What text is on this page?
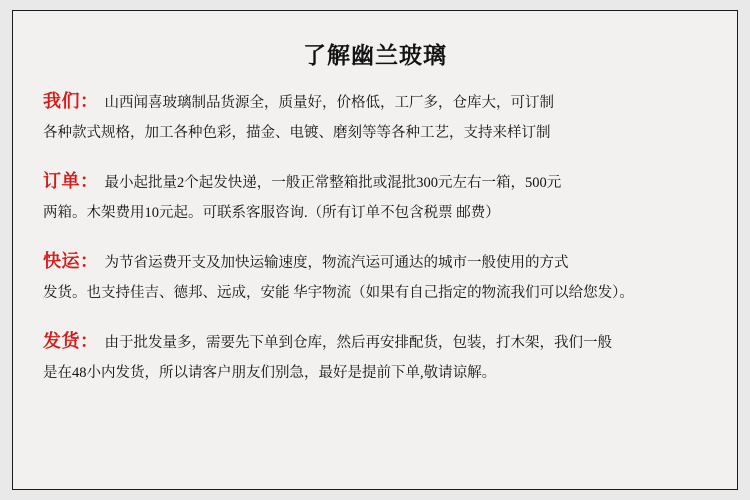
了解幽兰玻璃
我们： 山西闻喜玻璃制品货源全，质量好，价格低，工厂多，仓库大，可订制
各种款式规格，加工各种色彩，描金、电镀、磨刻等等各种工艺，支持来样订制
订单： 最小起批量2个起发快递，一般正常整箱批或混批300元左右一箱，500元
两箱。木架费用10元起。可联系客服咨询.（所有订单不包含税票 邮费）
快运： 为节省运费开支及加快运输速度，物流汽运可通达的城市一般使用的方式
发货。也支持佳吉、德邦、远成，安能 华宇物流（如果有自己指定的物流我们可以给您发）。
发货： 由于批发量多，需要先下单到仓库，然后再安排配货，包装，打木架，我们一般
是在48小内发货，所以请客户朋友们别急，最好是提前下单,敬请谅解。
